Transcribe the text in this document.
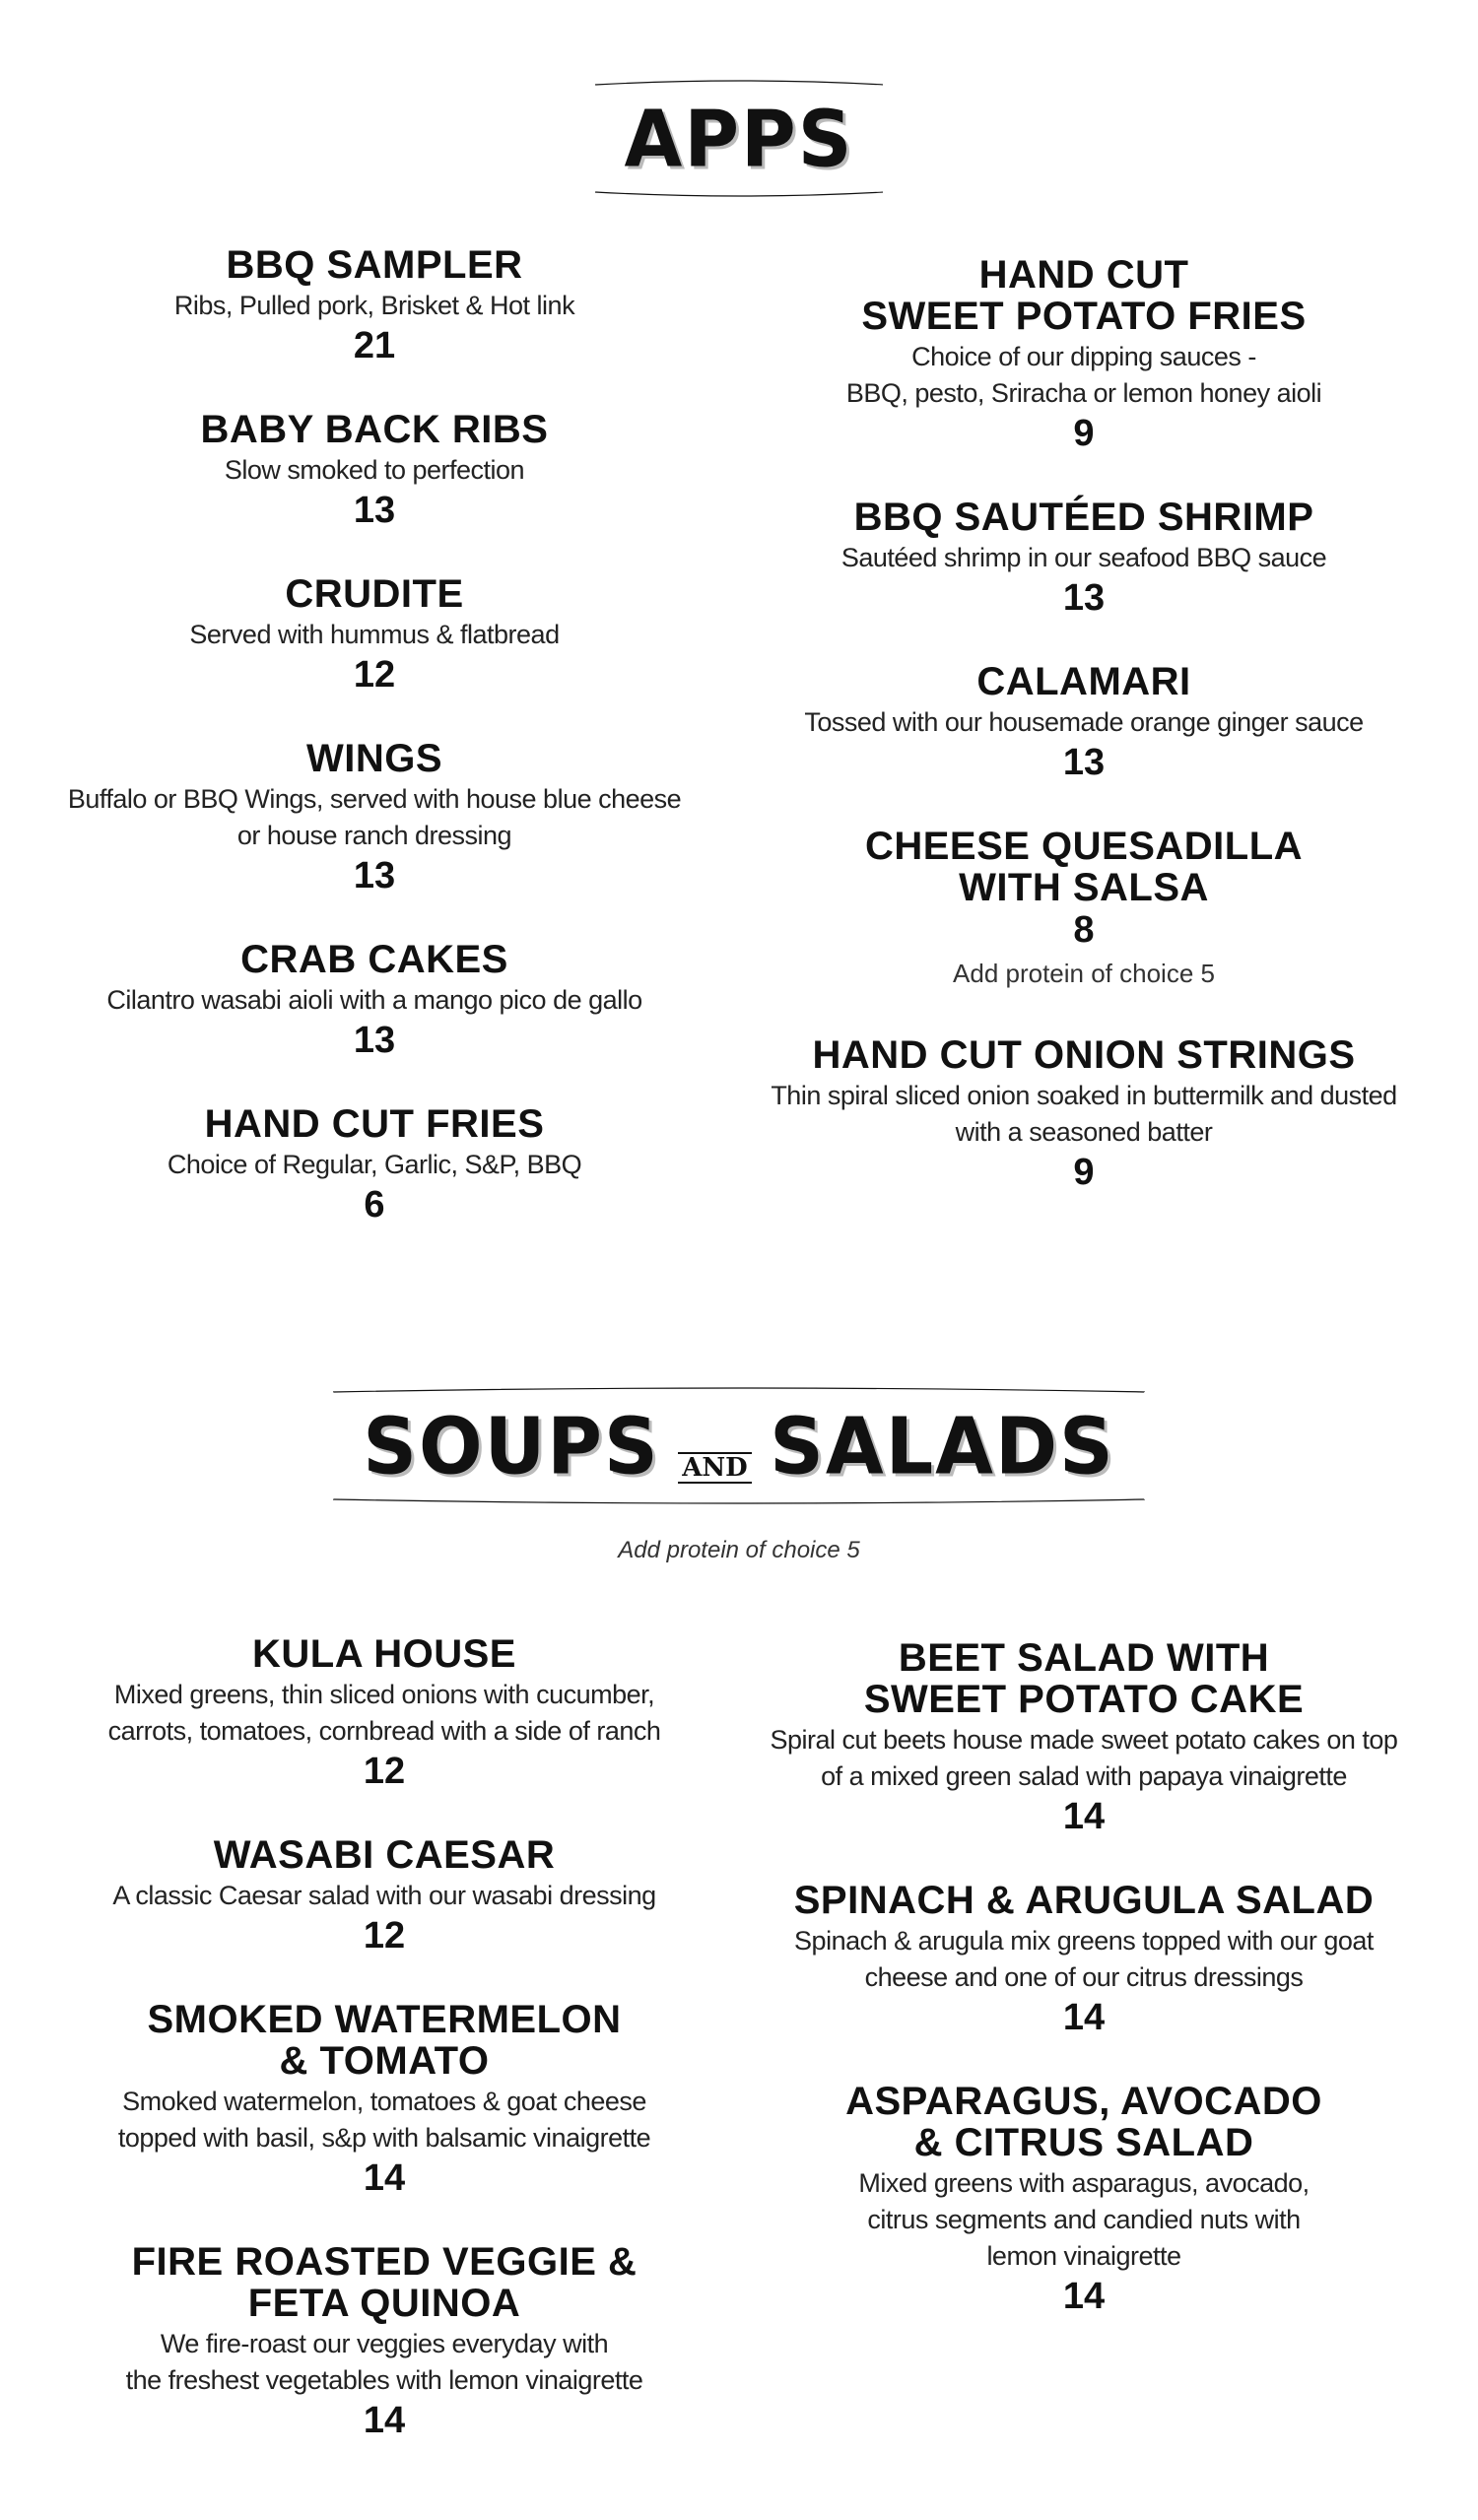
APPS
BBQ SAMPLER
Ribs, Pulled pork, Brisket & Hot link
21
BABY BACK RIBS
Slow smoked to perfection
13
CRUDITE
Served with hummus & flatbread
12
WINGS
Buffalo or BBQ Wings, served with house blue cheese
or house ranch dressing
13
CRAB CAKES
Cilantro wasabi aioli with a mango pico de gallo
13
HAND CUT FRIES
Choice of Regular, Garlic, S&P, BBQ
6
HAND CUT
SWEET POTATO FRIES
Choice of our dipping sauces -
BBQ, pesto, Sriracha or lemon honey aioli
9
BBQ SAUTÉED SHRIMP
Sautéed shrimp in our seafood BBQ sauce
13
CALAMARI
Tossed with our housemade orange ginger sauce
13
CHEESE QUESADILLA
WITH SALSA
8
Add protein of choice 5
HAND CUT ONION STRINGS
Thin spiral sliced onion soaked in buttermilk and dusted
with a seasoned batter
9
SOUPS AND SALADS
Add protein of choice 5
KULA HOUSE
Mixed greens, thin sliced onions with cucumber,
carrots, tomatoes, cornbread with a side of ranch
12
WASABI CAESAR
A classic Caesar salad with our wasabi dressing
12
SMOKED WATERMELON
& TOMATO
Smoked watermelon, tomatoes & goat cheese
topped with basil, s&p with balsamic vinaigrette
14
FIRE ROASTED VEGGIE &
FETA QUINOA
We fire-roast our veggies everyday with
the freshest vegetables with lemon vinaigrette
14
BEET SALAD WITH
SWEET POTATO CAKE
Spiral cut beets house made sweet potato cakes on top
of a mixed green salad with papaya vinaigrette
14
SPINACH & ARUGULA SALAD
Spinach & arugula mix greens topped with our goat
cheese and one of our citrus dressings
14
ASPARAGUS, AVOCADO
& CITRUS SALAD
Mixed greens with asparagus, avocado,
citrus segments and candied nuts with
lemon vinaigrette
14
